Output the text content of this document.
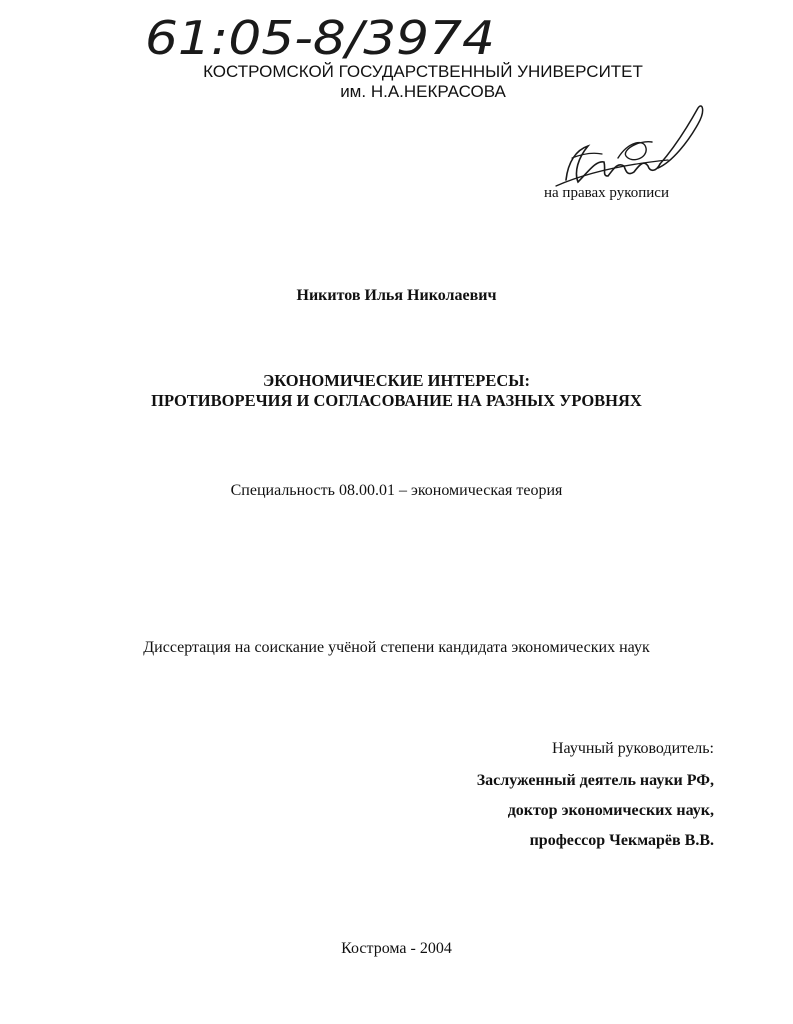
61:05-8/3974
КОСТРОМСКОЙ ГОСУДАРСТВЕННЫЙ УНИВЕРСИТЕТ
им. Н.А.НЕКРАСОВА
на правах рукописи
Никитов Илья Николаевич
ЭКОНОМИЧЕСКИЕ ИНТЕРЕСЫ:
ПРОТИВОРЕЧИЯ И СОГЛАСОВАНИЕ НА РАЗНЫХ УРОВНЯХ
Специальность 08.00.01 – экономическая теория
Диссертация на соискание учёной степени кандидата экономических наук
Научный руководитель:
Заслуженный деятель науки РФ,
доктор экономических наук,
профессор Чекмарёв В.В.
Кострома - 2004
